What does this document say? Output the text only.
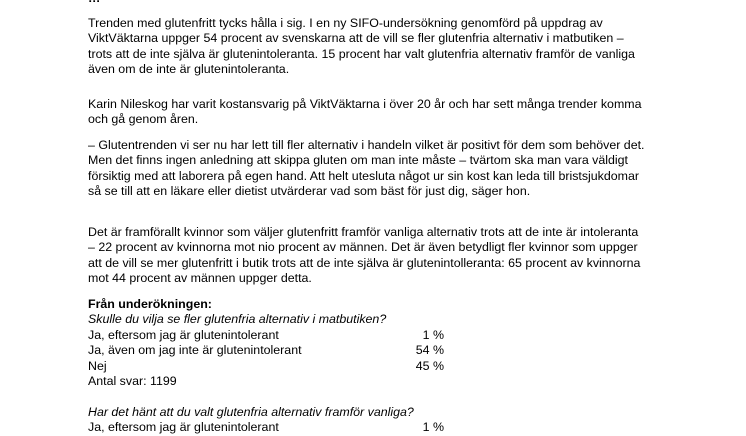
Trenden med glutenfritt tycks hålla i sig. I en ny SIFO-undersökning genomförd på uppdrag av ViktVäktarna uppger 54 procent av svenskarna att de vill se fler glutenfria alternativ i matbutiken – trots att de inte själva är glutenintoleranta. 15 procent har valt glutenfria alternativ framför de vanliga även om de inte är glutenintoleranta.

Karin Nileskog har varit kostansvarig på ViktVäktarna i över 20 år och har sett många trender komma och gå genom åren.

– Glutentrenden vi ser nu har lett till fler alternativ i handeln vilket är positivt för dem som behöver det. Men det finns ingen anledning att skippa gluten om man inte måste – tvärtom ska man vara väldigt försiktig med att laborera på egen hand. Att helt utesluta något ur sin kost kan leda till bristsjukdomar så se till att en läkare eller dietist utvärderar vad som bäst för just dig, säger hon.

Det är framförallt kvinnor som väljer glutenfritt framför vanliga alternativ trots att de inte är intoleranta – 22 procent av kvinnorna mot nio procent av männen. Det är även betydligt fler kvinnor som uppger att de vill se mer glutenfritt i butik trots att de inte själva är glutenintolleranta: 65 procent av kvinnorna mot 44 procent av männen uppger detta.

Från underökningen:
Skulle du vilja se fler glutenfria alternativ i matbutiken?
Ja, eftersom jag är glutenintolerant	1 %
Ja, även om jag inte är glutenintolerant	54 %
Nej	45 %
Antal svar: 1199
Har det hänt att du valt glutenfria alternativ framför vanliga?
Ja, eftersom jag är glutenintolerant	1 %
